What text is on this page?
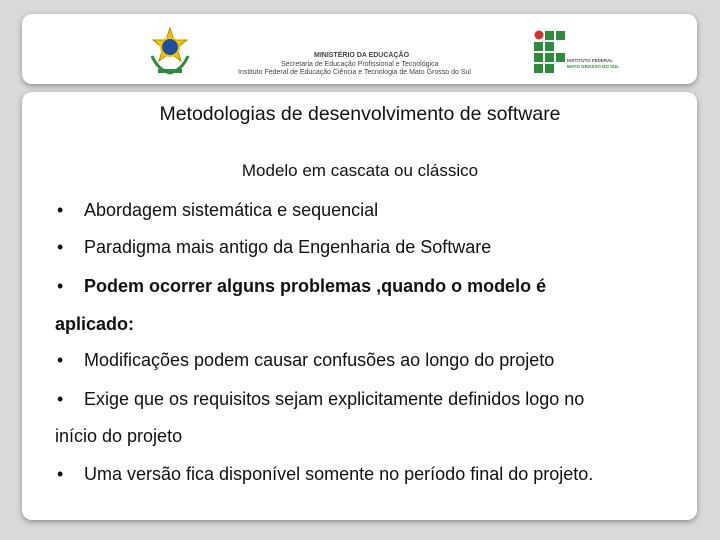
MINISTÉRIO DA EDUCAÇÃO
Secretaria de Educação Profissional e Tecnológica
Instituto Federal de Educação Ciência e Tecnologia de Mato Grosso do Sul
INSTITUTO FEDERAL
MATO GROSSO DO SUL
Metodologias de desenvolvimento de software
Modelo em cascata ou clássico
• Abordagem sistemática e sequencial
• Paradigma mais antigo da Engenharia de Software
• Podem ocorrer alguns problemas ,quando o modelo é
aplicado:
• Modificações podem causar confusões ao longo do projeto
• Exige que os requisitos sejam explicitamente definidos logo no
início do projeto
• Uma versão fica disponível somente no período final do projeto.
